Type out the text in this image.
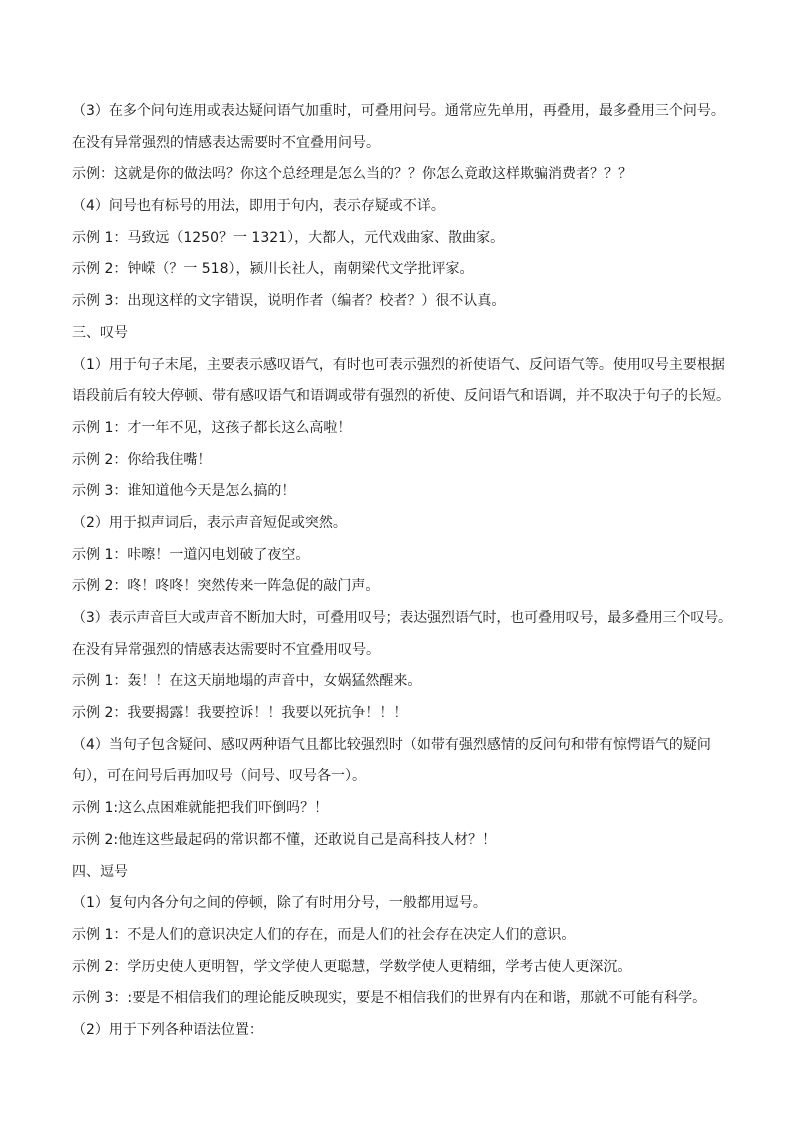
（3）在多个问句连用或表达疑问语气加重时，可叠用问号。通常应先单用，再叠用，最多叠用三个问号。
在没有异常强烈的情感表达需要时不宜叠用问号。
示例：这就是你的做法吗？你这个总经理是怎么当的？？你怎么竟敢这样欺骗消费者？？？
（4）问号也有标号的用法，即用于句内，表示存疑或不详。
示例 1：马致远（1250？一 1321），大都人，元代戏曲家、散曲家。
示例 2：钟嵘（？一 518），颍川长社人，南朝梁代文学批评家。
示例 3：出现这样的文字错误，说明作者（编者？校者？）很不认真。
三、叹号
（1）用于句子末尾，主要表示感叹语气，有时也可表示强烈的祈使语气、反问语气等。使用叹号主要根据
语段前后有较大停顿、带有感叹语气和语调或带有强烈的祈使、反问语气和语调，并不取决于句子的长短。
示例 1：才一年不见，这孩子都长这么高啦！
示例 2：你给我住嘴！
示例 3：谁知道他今天是怎么搞的！
（2）用于拟声词后，表示声音短促或突然。
示例 1：咔嚓！一道闪电划破了夜空。
示例 2：咚！咚咚！突然传来一阵急促的敲门声。
（3）表示声音巨大或声音不断加大时，可叠用叹号；表达强烈语气时，也可叠用叹号，最多叠用三个叹号。
在没有异常强烈的情感表达需要时不宜叠用叹号。
示例 1：轰！！在这天崩地塌的声音中，女娲猛然醒来。
示例 2：我要揭露！我要控诉！！我要以死抗争！！！
（4）当句子包含疑问、感叹两种语气且都比较强烈时（如带有强烈感情的反问句和带有惊愕语气的疑问
句），可在问号后再加叹号（问号、叹号各一）。
示例 1:这么点困难就能把我们吓倒吗？！
示例 2:他连这些最起码的常识都不懂，还敢说自己是高科技人材？！
四、逗号
（1）复句内各分句之间的停顿，除了有时用分号，一般都用逗号。
示例 1：不是人们的意识决定人们的存在，而是人们的社会存在决定人们的意识。
示例 2：学历史使人更明智，学文学使人更聪慧，学数学使人更精细，学考古使人更深沉。
示例 3：:要是不相信我们的理论能反映现实，要是不相信我们的世界有内在和谐，那就不可能有科学。
（2）用于下列各种语法位置：
